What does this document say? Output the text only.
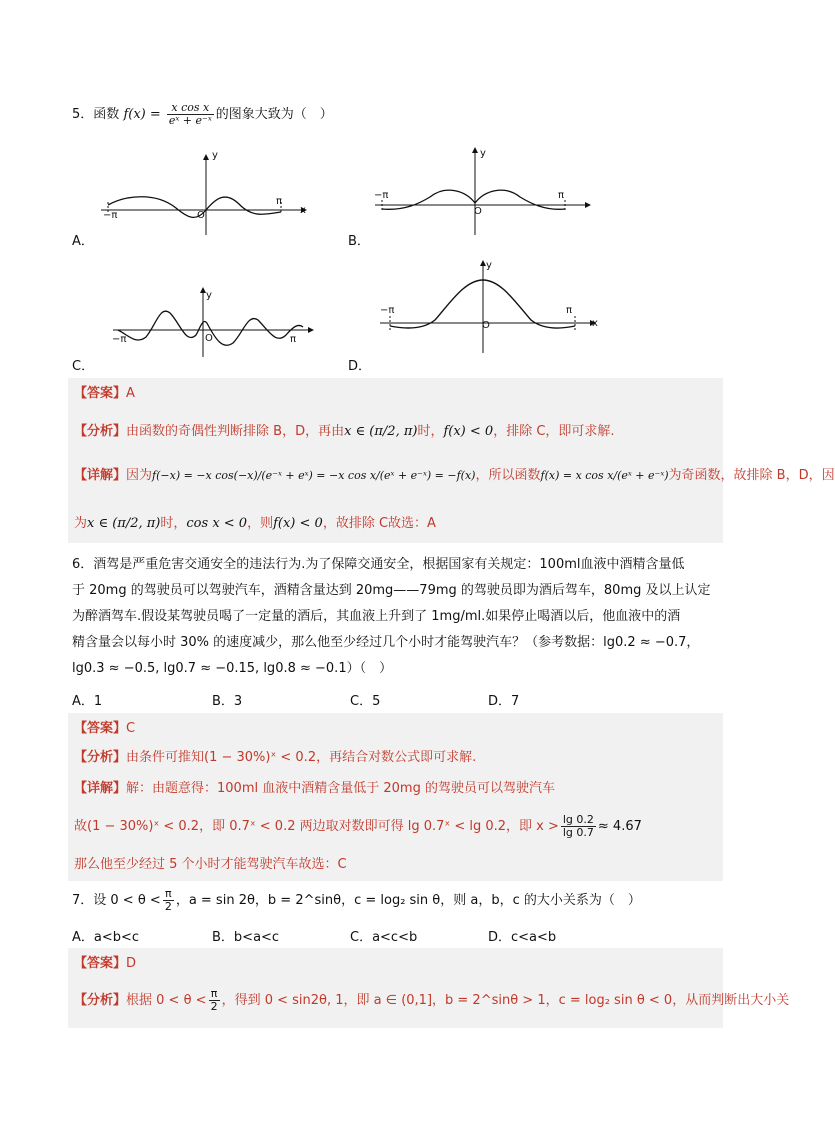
5．函数 $f(x) = \frac{\text{x cos x}}{\text{eˣ + e⁻ˣ}}$ 的图象大致为（　）
−π	O
π
y
x
A．
−π
O
π
y
B．
−π	O	π
y
C．
−π
O
π
y
x
D．
【答案】A
【分析】由函数的奇偶性判断排除 B，D，再由x ∈ (π/2, π)时，f(x) < 0，排除 C，即可求解.
【详解】因为f(−x) = −x cos(−x)/(e⁻ˣ + eˣ) = −x cos x/(eˣ + e⁻ˣ) = −f(x)，所以函数f(x) = x cos x/(eˣ + e⁻ˣ)为奇函数，故排除 B，D，因
为x ∈ (π/2, π)时，cos x < 0，则f(x) < 0，故排除 C故选：A
6．酒驾是严重危害交通安全的违法行为.为了保障交通安全，根据国家有关规定：100ml血液中酒精含量低
于 20mg 的驾驶员可以驾驶汽车，酒精含量达到 20mg——79mg 的驾驶员即为酒后驾车，80mg 及以上认定
为醉酒驾车.假设某驾驶员喝了一定量的酒后，其血液上升到了 1mg/ml.如果停止喝酒以后，他血液中的酒
精含量会以每小时 30% 的速度减少，那么他至少经过几个小时才能驾驶汽车？（参考数据：lg0.2 ≈ −0.7，
lg0.3 ≈ −0.5, lg0.7 ≈ −0.15, lg0.8 ≈ −0.1）（　）
A．1	B．3	C．5	D．7
【答案】C
【分析】由条件可推知(1 − 30%)ˣ < 0.2，再结合对数公式即可求解.
【详解】解：由题意得：100ml 血液中酒精含量低于 20mg 的驾驶员可以驾驶汽车
故(1 − 30%)ˣ < 0.2，即 0.7ˣ < 0.2 两边取对数即可得 lg 0.7ˣ < lg 0.2，即 $x > \frac{\lg 0.2}{\lg 0.7} \approx 4.67$
那么他至少经过 5 个小时才能驾驶汽车故选：C
7．设 $0 < \theta < \frac{\pi}{2}$ ，a = sin 2θ，b = 2^sinθ，c = log₂ sin θ，则 a，b，c 的大小关系为（　）
A．a<b<c	B．b<a<c	C．a<c<b	D．c<a<b
【答案】D
【分析】根据 $0 < \theta < \frac{\pi}{2}$ ，得到 0 < sin2θ, 1，即 a ∈ (0,1]，b = 2^sinθ > 1，c = log₂ sin θ < 0，从而判断出大小关
